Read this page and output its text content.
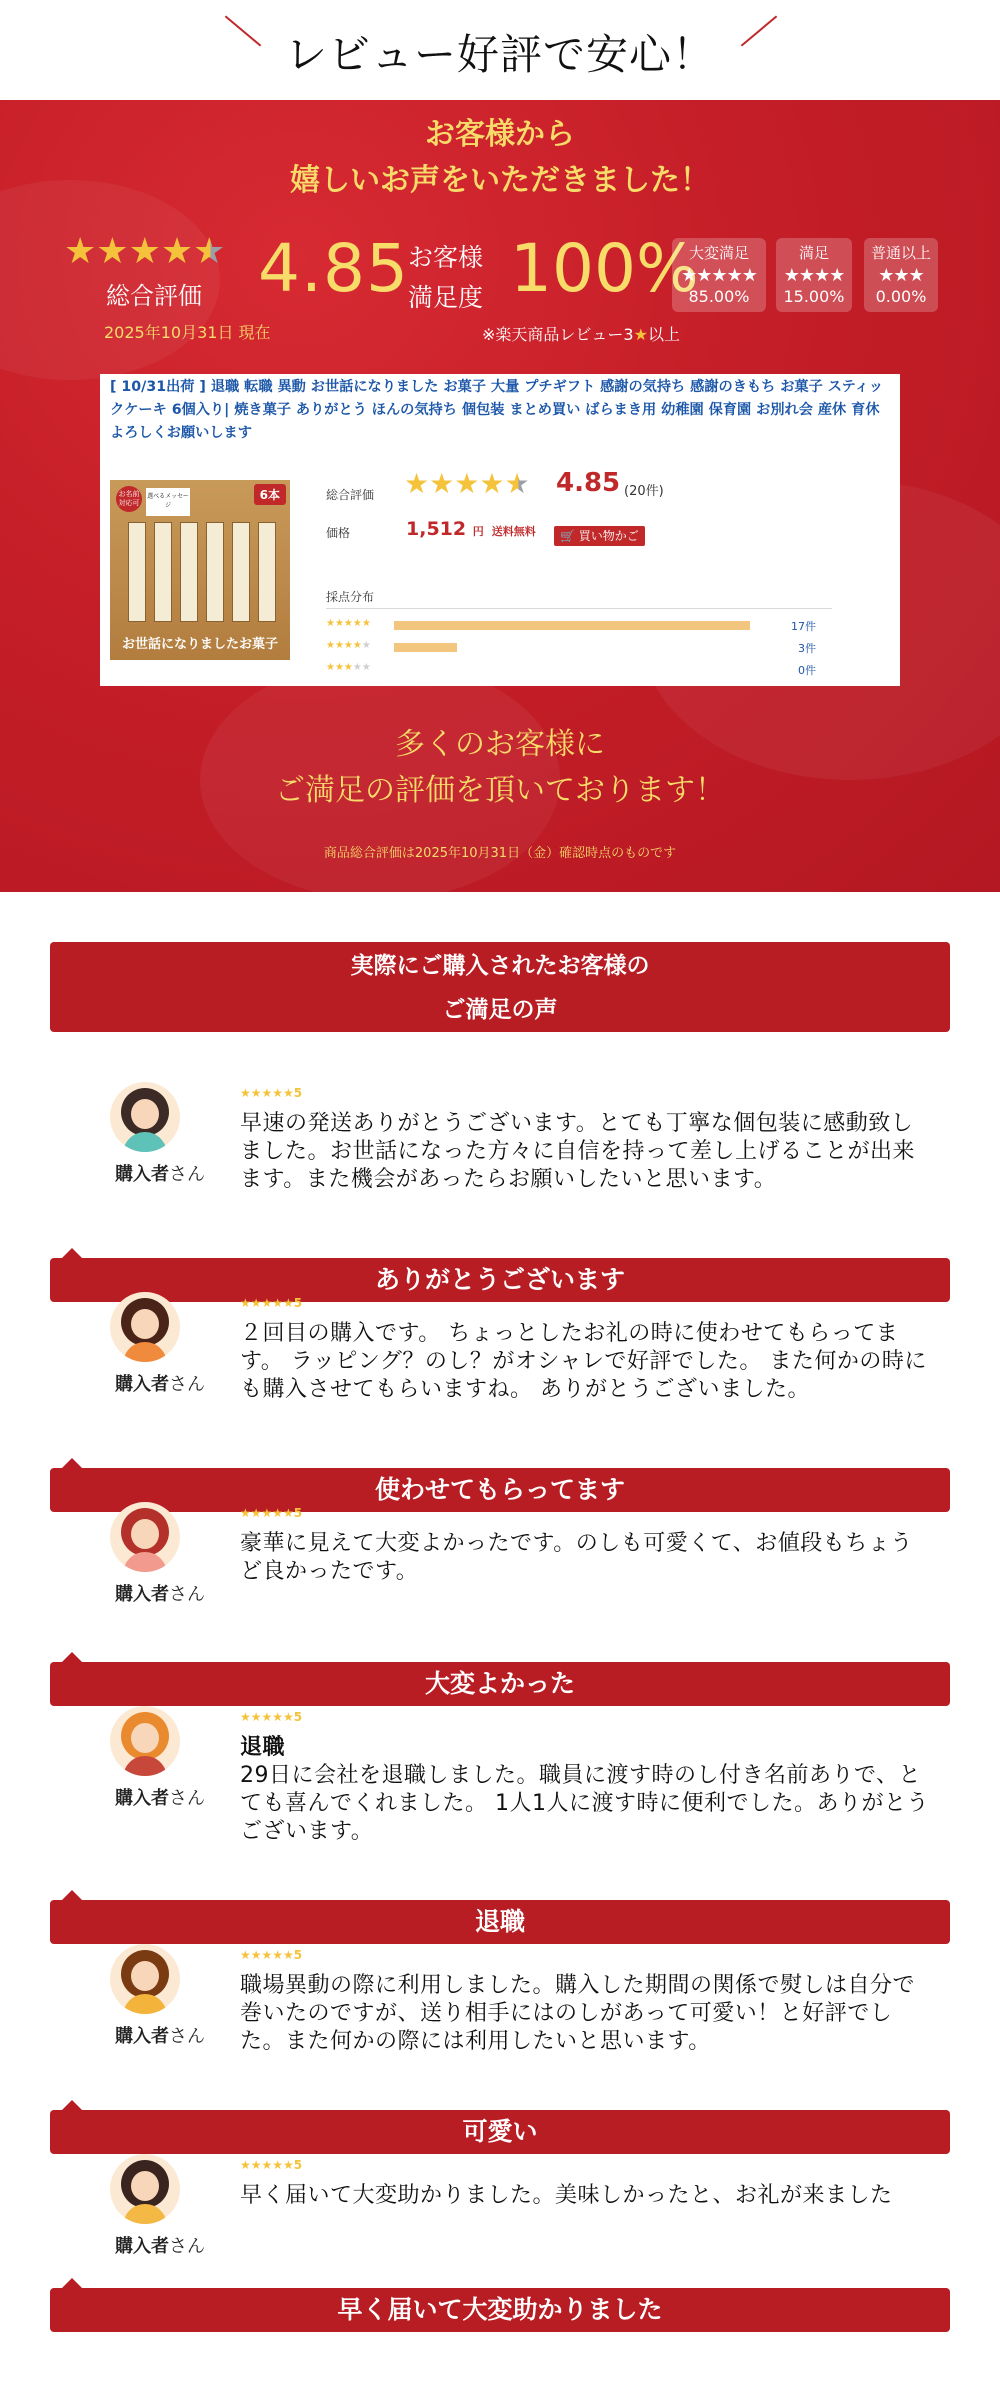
レビュー好評で安心！
お客様から
嬉しいお声をいただきました！
★★★★★
総合評価
2025年10月31日 現在
4.85 お客様
満足度 100%
※楽天商品レビュー3★以上
大変満足
★★★★★
85.00%
満足
★★★★
15.00%
普通以上
★★★
0.00%
[ 10/31出荷 ] 退職 転職 異動 お世話になりました お菓子 大量 プチギフト 感謝の気持ち 感謝のきもち お菓子 スティックケーキ 6個入り| 焼き菓子 ありがとう ほんの気持ち 個包装 まとめ買い ばらまき用 幼稚園 保育園 お別れ会 産休 育休 よろしくお願いします
お名前対応可
選べるメッセージ
6本
お世話になりましたお菓子
総合評価 ★★★★★ 4.85 (20件)
価格	1,512 円 送料無料	🛒 買い物かご
採点分布
★★★★★	17件
★★★★★	3件
★★★★★	0件
多くのお客様に
ご満足の評価を頂いております！
商品総合評価は2025年10月31日（金）確認時点のものです
実際にご購入されたお客様の
ご満足の声
購入者さん
★★★★★5
早速の発送ありがとうございます。とても丁寧な個包装に感動致しました。お世話になった方々に自信を持って差し上げることが出来ます。また機会があったらお願いしたいと思います。
ありがとうございます
購入者さん
★★★★★5
２回目の購入です。 ちょっとしたお礼の時に使わせてもらってます。 ラッピング？のし？がオシャレで好評でした。 また何かの時にも購入させてもらいますね。 ありがとうございました。
使わせてもらってます
購入者さん
★★★★★5
豪華に見えて大変よかったです。のしも可愛くて、お値段もちょうど良かったです。
大変よかった
購入者さん
★★★★★5
退職
29日に会社を退職しました。職員に渡す時のし付き名前ありで、とても喜んでくれました。 1人1人に渡す時に便利でした。ありがとうございます。
退職
購入者さん
★★★★★5
職場異動の際に利用しました。購入した期間の関係で熨しは自分で巻いたのですが、送り相手にはのしがあって可愛い！と好評でした。また何かの際には利用したいと思います。
可愛い
購入者さん
★★★★★5
早く届いて大変助かりました。美味しかったと、お礼が来ました
早く届いて大変助かりました
